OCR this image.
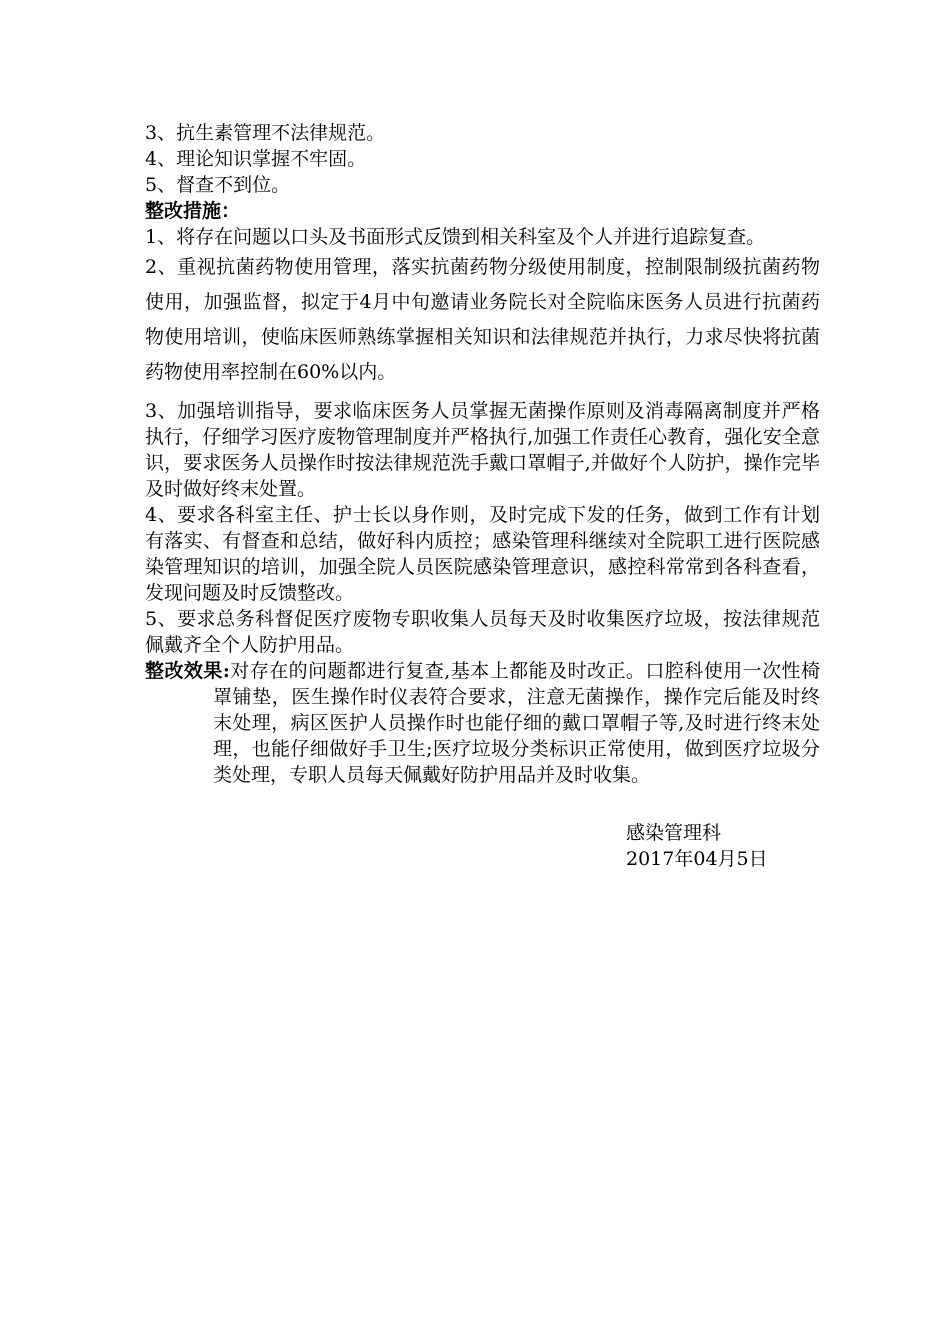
3、抗生素管理不法律规范。
4、理论知识掌握不牢固。
5、督查不到位。
整改措施：
1、将存在问题以口头及书面形式反馈到相关科室及个人并进行追踪复查。
2、重视抗菌药物使用管理，落实抗菌药物分级使用制度，控制限制级抗菌药物使用，加强监督，拟定于4月中旬邀请业务院长对全院临床医务人员进行抗菌药物使用培训，使临床医师熟练掌握相关知识和法律规范并执行，力求尽快将抗菌药物使用率控制在60%以内。
3、加强培训指导，要求临床医务人员掌握无菌操作原则及消毒隔离制度并严格执行，仔细学习医疗废物管理制度并严格执行,加强工作责任心教育，强化安全意识，要求医务人员操作时按法律规范洗手戴口罩帽子,并做好个人防护，操作完毕及时做好终末处置。
4、要求各科室主任、护士长以身作则，及时完成下发的任务，做到工作有计划有落实、有督查和总结，做好科内质控；感染管理科继续对全院职工进行医院感染管理知识的培训，加强全院人员医院感染管理意识，感控科常常到各科查看，发现问题及时反馈整改。
5、要求总务科督促医疗废物专职收集人员每天及时收集医疗垃圾，按法律规范佩戴齐全个人防护用品。
整改效果:对存在的问题都进行复查,基本上都能及时改正。口腔科使用一次性椅罩铺垫，医生操作时仪表符合要求，注意无菌操作，操作完后能及时终末处理，病区医护人员操作时也能仔细的戴口罩帽子等,及时进行终末处理，也能仔细做好手卫生;医疗垃圾分类标识正常使用，做到医疗垃圾分类处理，专职人员每天佩戴好防护用品并及时收集。
感染管理科
2017年04月5日
